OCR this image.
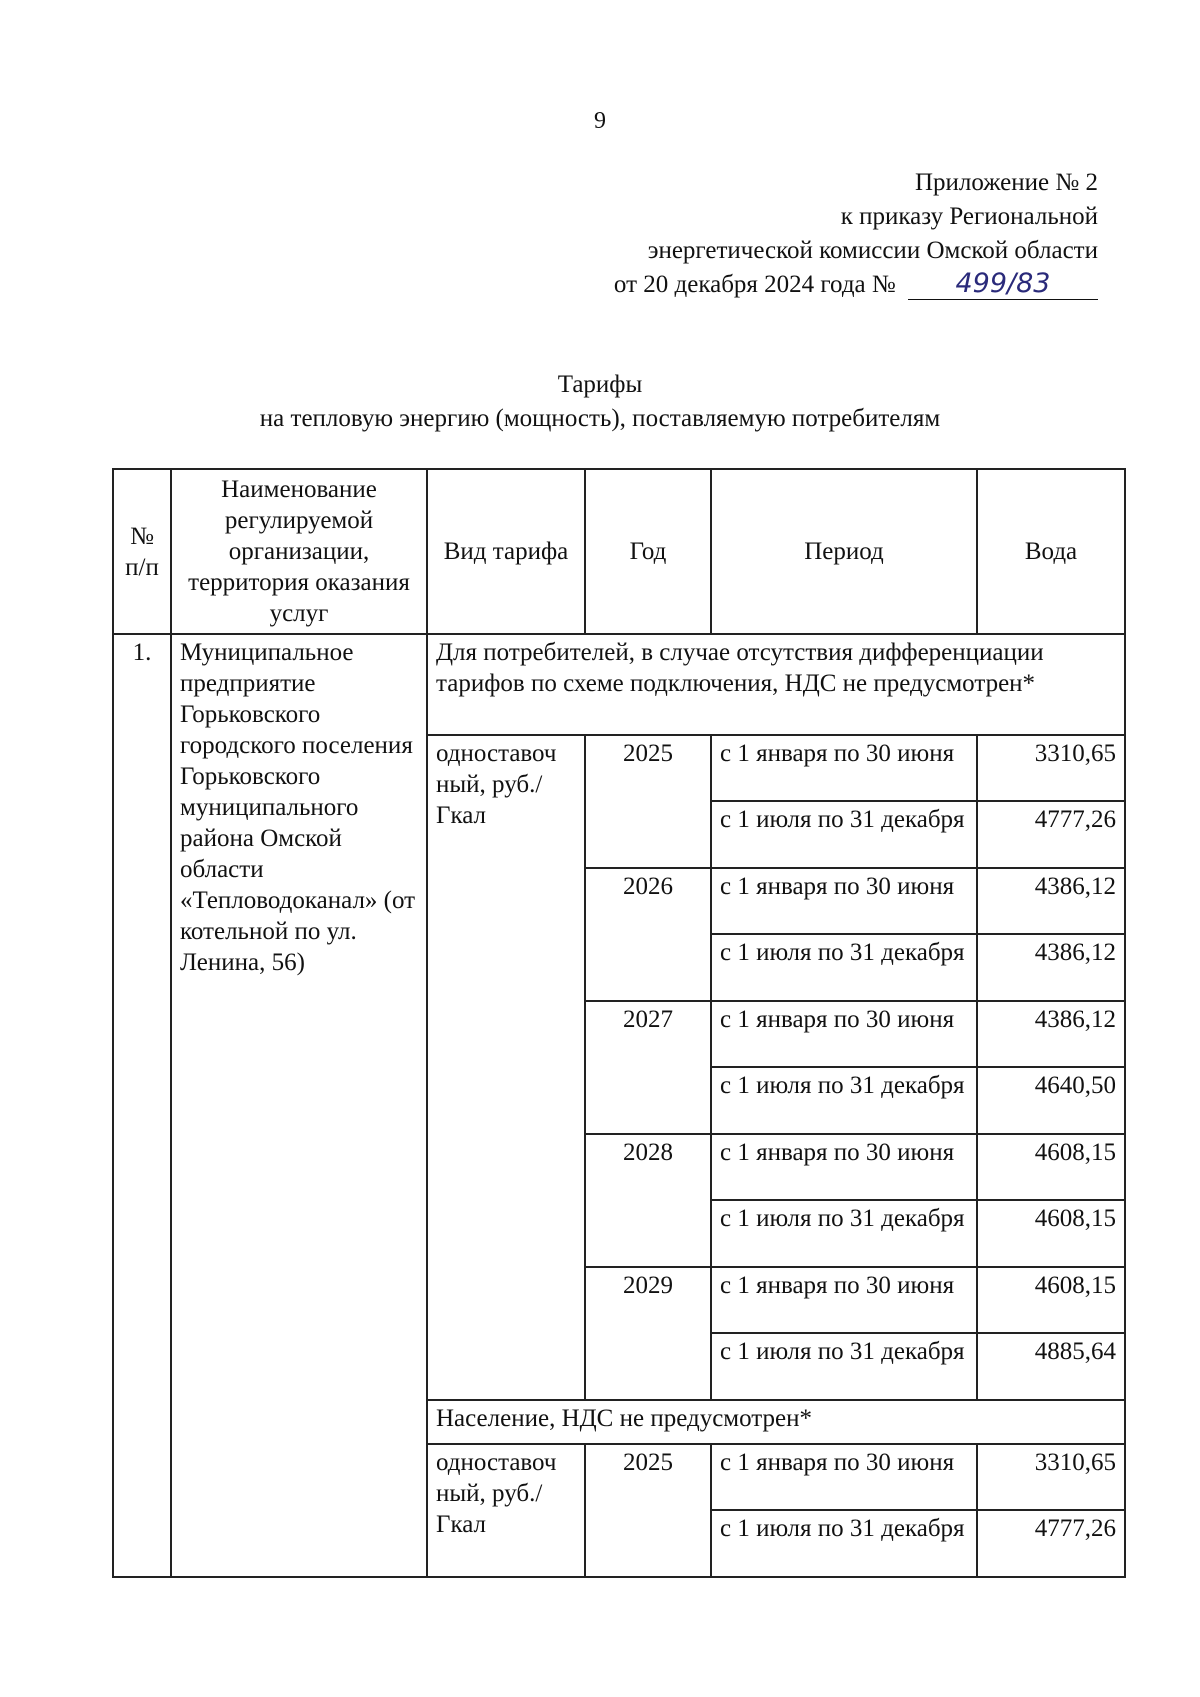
9
Приложение № 2
к приказу Региональной
энергетической комиссии Омской области
от 20 декабря 2024 года № 499/83
Тарифы
на тепловую энергию (мощность), поставляемую потребителям
№ п/п	Наименование регулируемой организации, территория оказания услуг	Вид тарифа	Год	Период	Вода
1.	Муниципальное предприятие Горьковского городского поселения Горьковского муниципального района Омской области «Тепловодоканал» (от котельной по ул. Ленина, 56)	Для потребителей, в случае отсутствия дифференциации тарифов по схеме подключения, НДС не предусмотрен*			
		одноставоч ный, руб./Гкал	2025	с 1 января по 30 июня	3310,65
				с 1 июля по 31 декабря	4777,26
			2026	с 1 января по 30 июня	4386,12
				с 1 июля по 31 декабря	4386,12
			2027	с 1 января по 30 июня	4386,12
				с 1 июля по 31 декабря	4640,50
			2028	с 1 января по 30 июня	4608,15
				с 1 июля по 31 декабря	4608,15
			2029	с 1 января по 30 июня	4608,15
				с 1 июля по 31 декабря	4885,64
		Население, НДС не предусмотрен*			
		одноставоч ный, руб./Гкал	2025	с 1 января по 30 июня	3310,65
				с 1 июля по 31 декабря	4777,26
